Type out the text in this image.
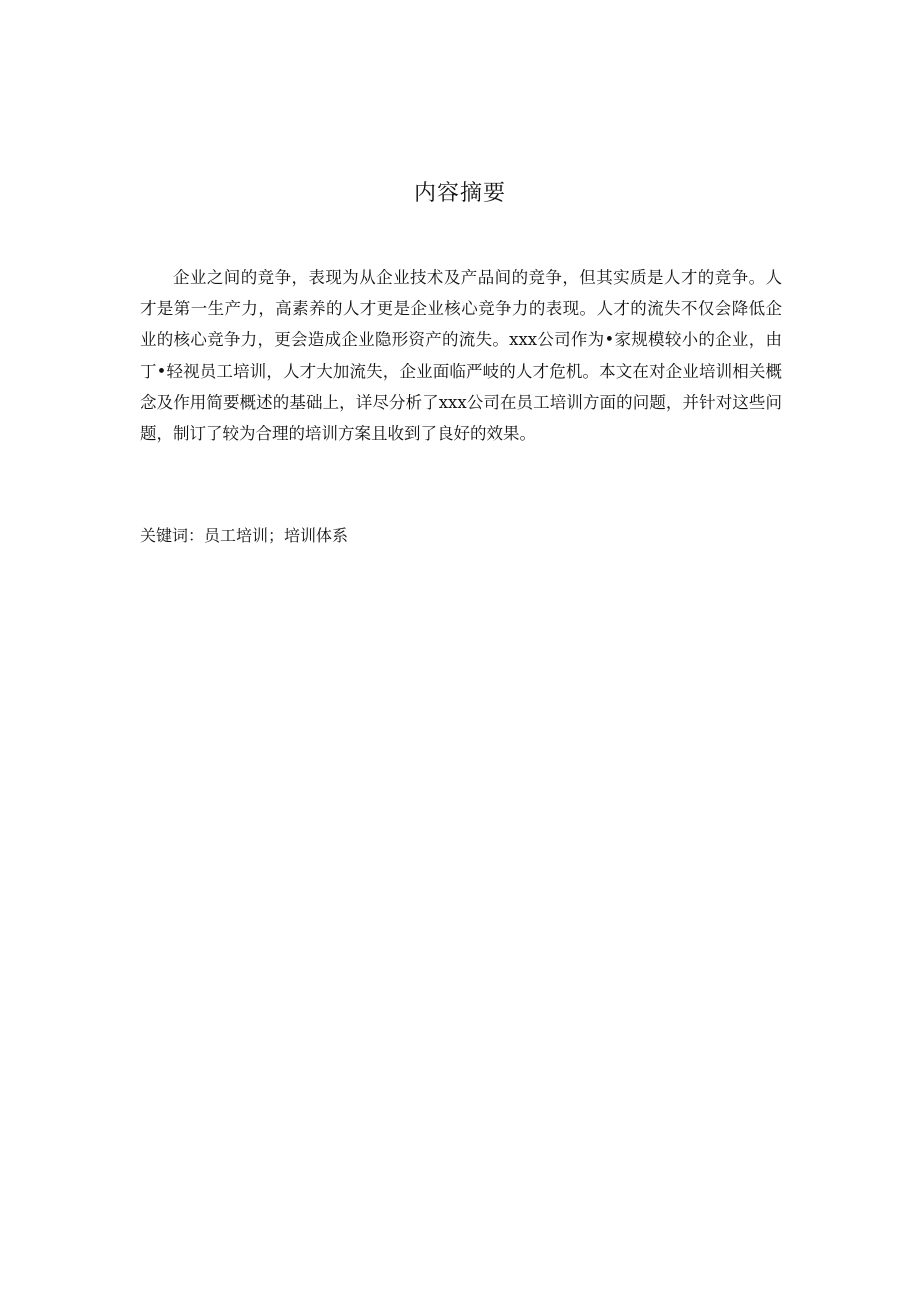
内容摘要

企业之间的竞争，表现为从企业技术及产品间的竞争，但其实质是人才的竞争。人才是第一生产力，高素养的人才更是企业核心竞争力的表现。人才的流失不仅会降低企业的核心竞争力，更会造成企业隐形资产的流失。xxx公司作为•家规模较小的企业，由丁•轻视员工培训，人才大加流失，企业面临严岐的人才危机。本文在对企业培训相关概念及作用简要概述的基础上，详尽分析了xxx公司在员工培训方面的问题，并针对这些问题，制订了较为合理的培训方案且收到了良好的效果。

关键词：员工培训；培训体系
